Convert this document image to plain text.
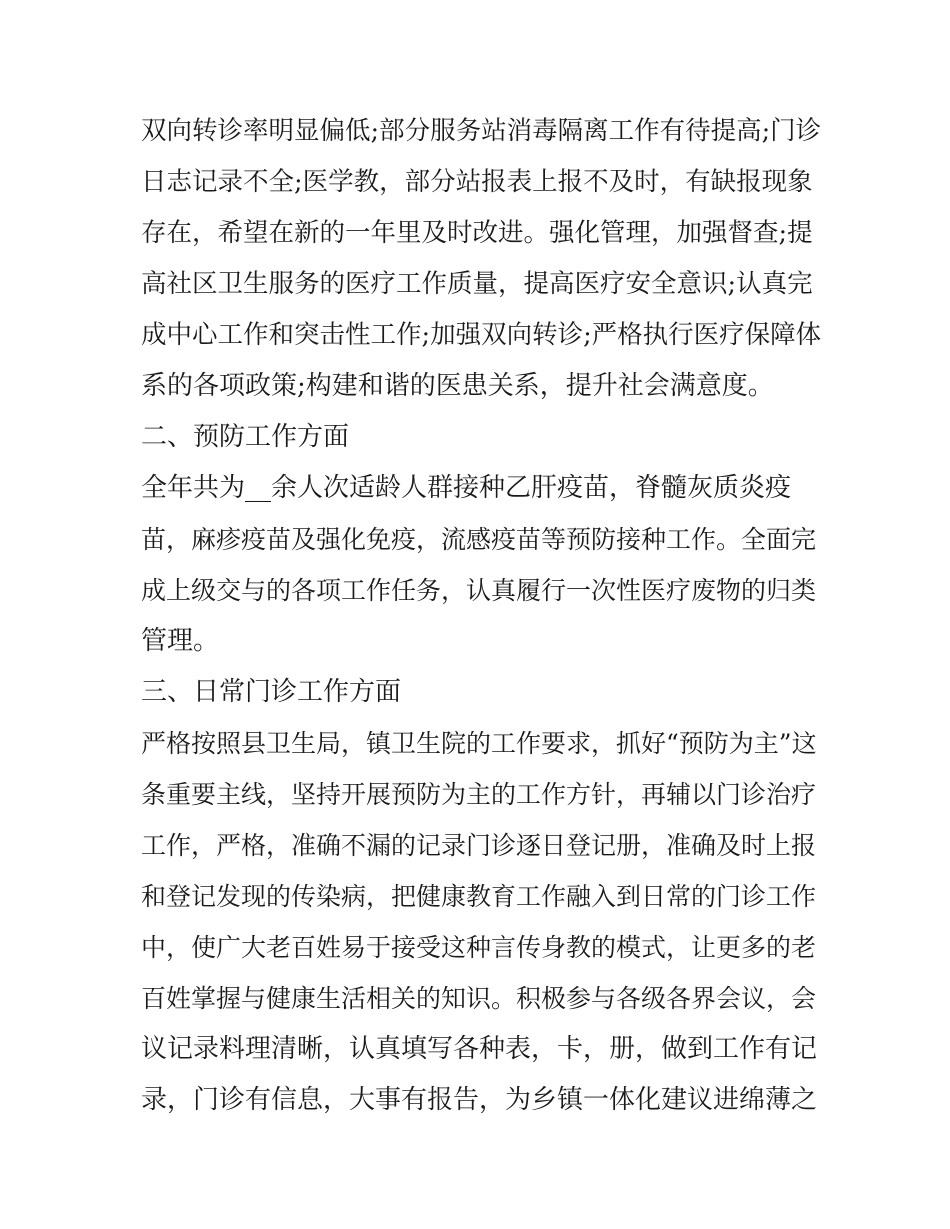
双向转诊率明显偏低;部分服务站消毒隔离工作有待提高;门诊
日志记录不全;医学教，部分站报表上报不及时，有缺报现象
存在，希望在新的一年里及时改进。强化管理，加强督查;提
高社区卫生服务的医疗工作质量，提高医疗安全意识;认真完
成中心工作和突击性工作;加强双向转诊;严格执行医疗保障体
系的各项政策;构建和谐的医患关系，提升社会满意度。
二、预防工作方面
全年共为__余人次适龄人群接种乙肝疫苗，脊髓灰质炎疫
苗，麻疹疫苗及强化免疫，流感疫苗等预防接种工作。全面完
成上级交与的各项工作任务，认真履行一次性医疗废物的归类
管理。
三、日常门诊工作方面
严格按照县卫生局，镇卫生院的工作要求，抓好“预防为主”这
条重要主线，坚持开展预防为主的工作方针，再辅以门诊治疗
工作，严格，准确不漏的记录门诊逐日登记册，准确及时上报
和登记发现的传染病，把健康教育工作融入到日常的门诊工作
中，使广大老百姓易于接受这种言传身教的模式，让更多的老
百姓掌握与健康生活相关的知识。积极参与各级各界会议，会
议记录料理清晰，认真填写各种表，卡，册，做到工作有记
录，门诊有信息，大事有报告，为乡镇一体化建议进绵薄之
